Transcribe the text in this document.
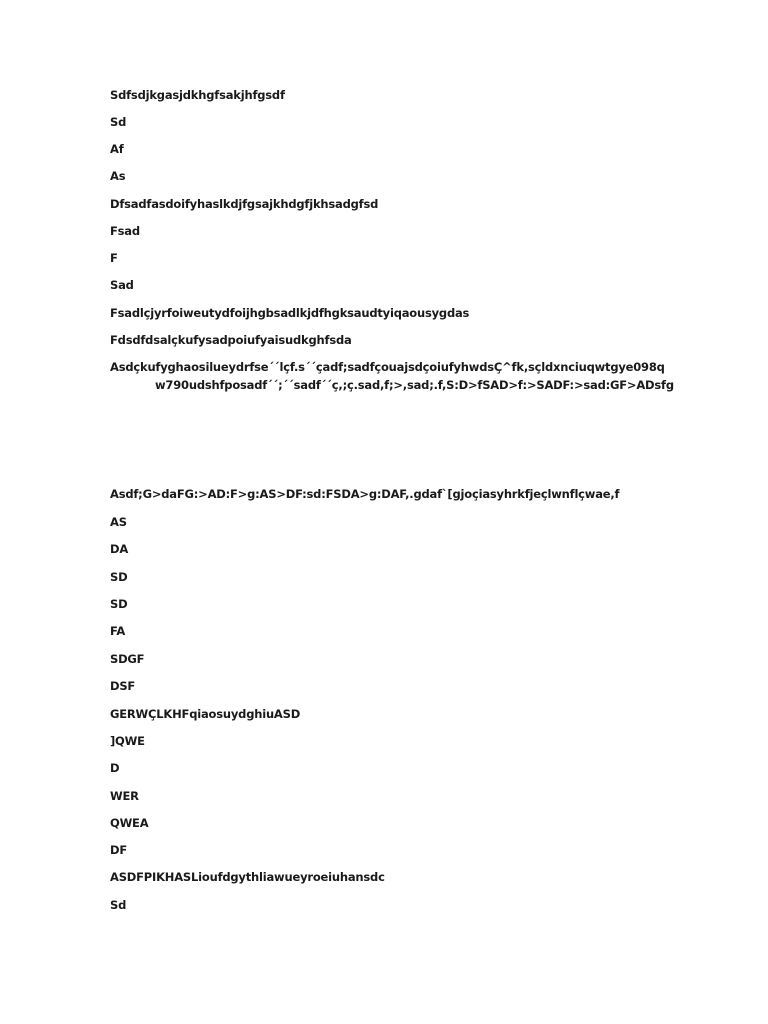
Sdfsdjkgasjdkhgfsakjhfgsdf
Sd
Af
As
Dfsadfasdoifyhaslkdjfgsajkhdgfjkhsadgfsd
Fsad
F
Sad
Fsadlçjyrfoiweutydfoijhgbsadlkjdfhgksaudtyiqaousygdas
Fdsdfdsalçkufysadpoiufyaisudkghfsda
Asdçkufyghaosilueydrfse´´lçf.s´´çadf;sadfçouajsdçoiufyhwdsÇ^fk,sçldxnciuqwtgye098q
w790udshfposadf´´;´´sadf´´ç,;ç.sad,f;>,sad;.f,S:D>fSAD>f:>SADF:>sad:GF>ADsfg
Asdf;G>daFG:>AD:F>g:AS>DF:sd:FSDA>g:DAF,.gdaf`[gjoçiasyhrkfjeçlwnflçwae,f
AS
DA
SD
SD
FA
SDGF
DSF
GERWÇLKHFqiaosuydghiuASD
]QWE
D
WER
QWEA
DF
ASDFPIKHASLioufdgythliawueyroeiuhansdc
Sd
